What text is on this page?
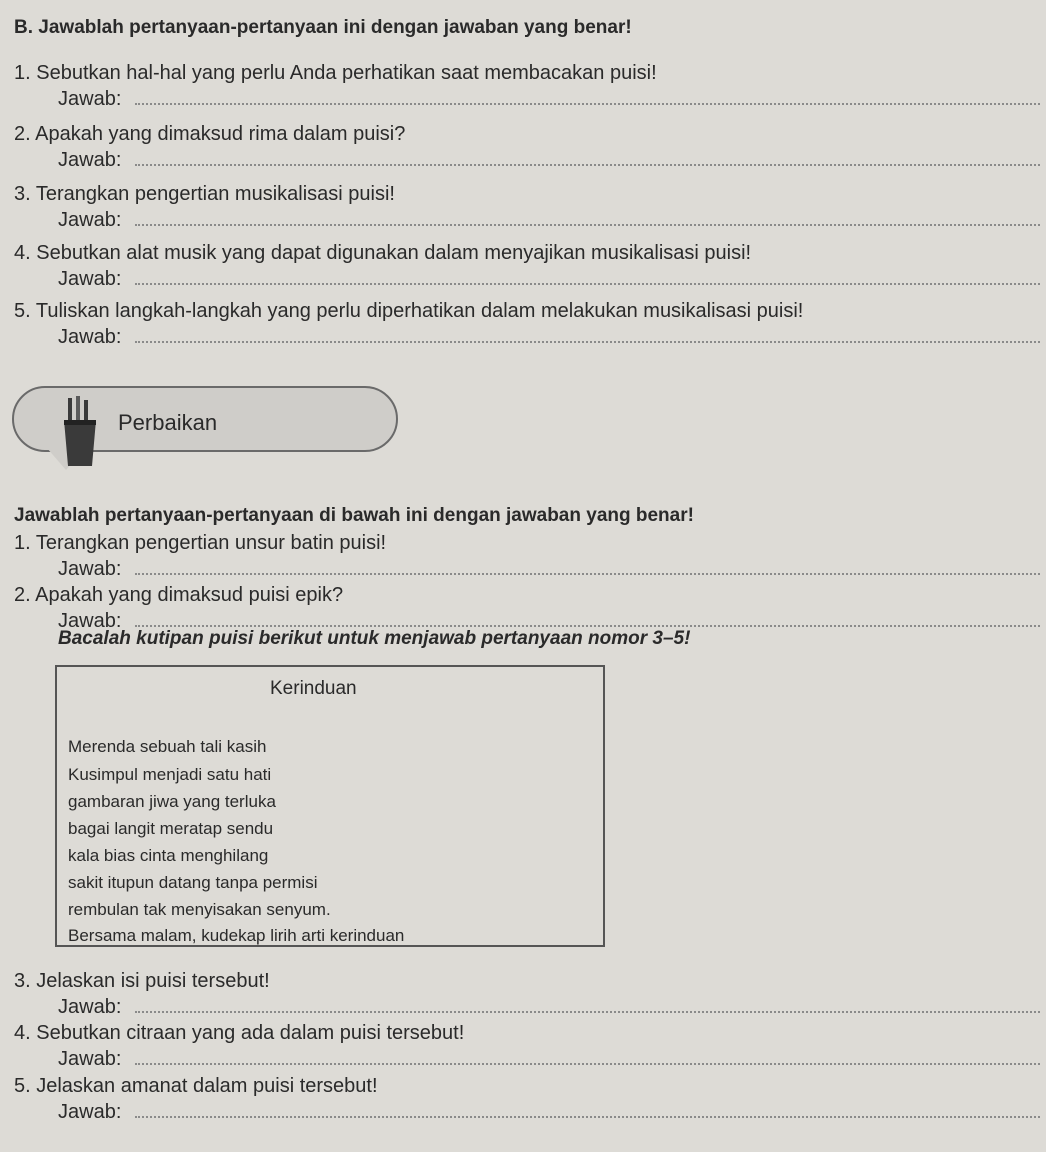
B. Jawablah pertanyaan-pertanyaan ini dengan jawaban yang benar!
1. Sebutkan hal-hal yang perlu Anda perhatikan saat membacakan puisi!
Jawab:
2. Apakah yang dimaksud rima dalam puisi?
Jawab:
3. Terangkan pengertian musikalisasi puisi!
Jawab:
4. Sebutkan alat musik yang dapat digunakan dalam menyajikan musikalisasi puisi!
Jawab:
5. Tuliskan langkah-langkah yang perlu diperhatikan dalam melakukan musikalisasi puisi!
Jawab:
Perbaikan
Jawablah pertanyaan-pertanyaan di bawah ini dengan jawaban yang benar!
1. Terangkan pengertian unsur batin puisi!
Jawab:
2. Apakah yang dimaksud puisi epik?
Jawab:
Bacalah kutipan puisi berikut untuk menjawab pertanyaan nomor 3–5!
Kerinduan
Merenda sebuah tali kasih
Kusimpul menjadi satu hati
gambaran jiwa yang terluka
bagai langit meratap sendu
kala bias cinta menghilang
sakit itupun datang tanpa permisi
rembulan tak menyisakan senyum.
Bersama malam, kudekap lirih arti kerinduan
3. Jelaskan isi puisi tersebut!
Jawab:
4. Sebutkan citraan yang ada dalam puisi tersebut!
Jawab:
5. Jelaskan amanat dalam puisi tersebut!
Jawab:
